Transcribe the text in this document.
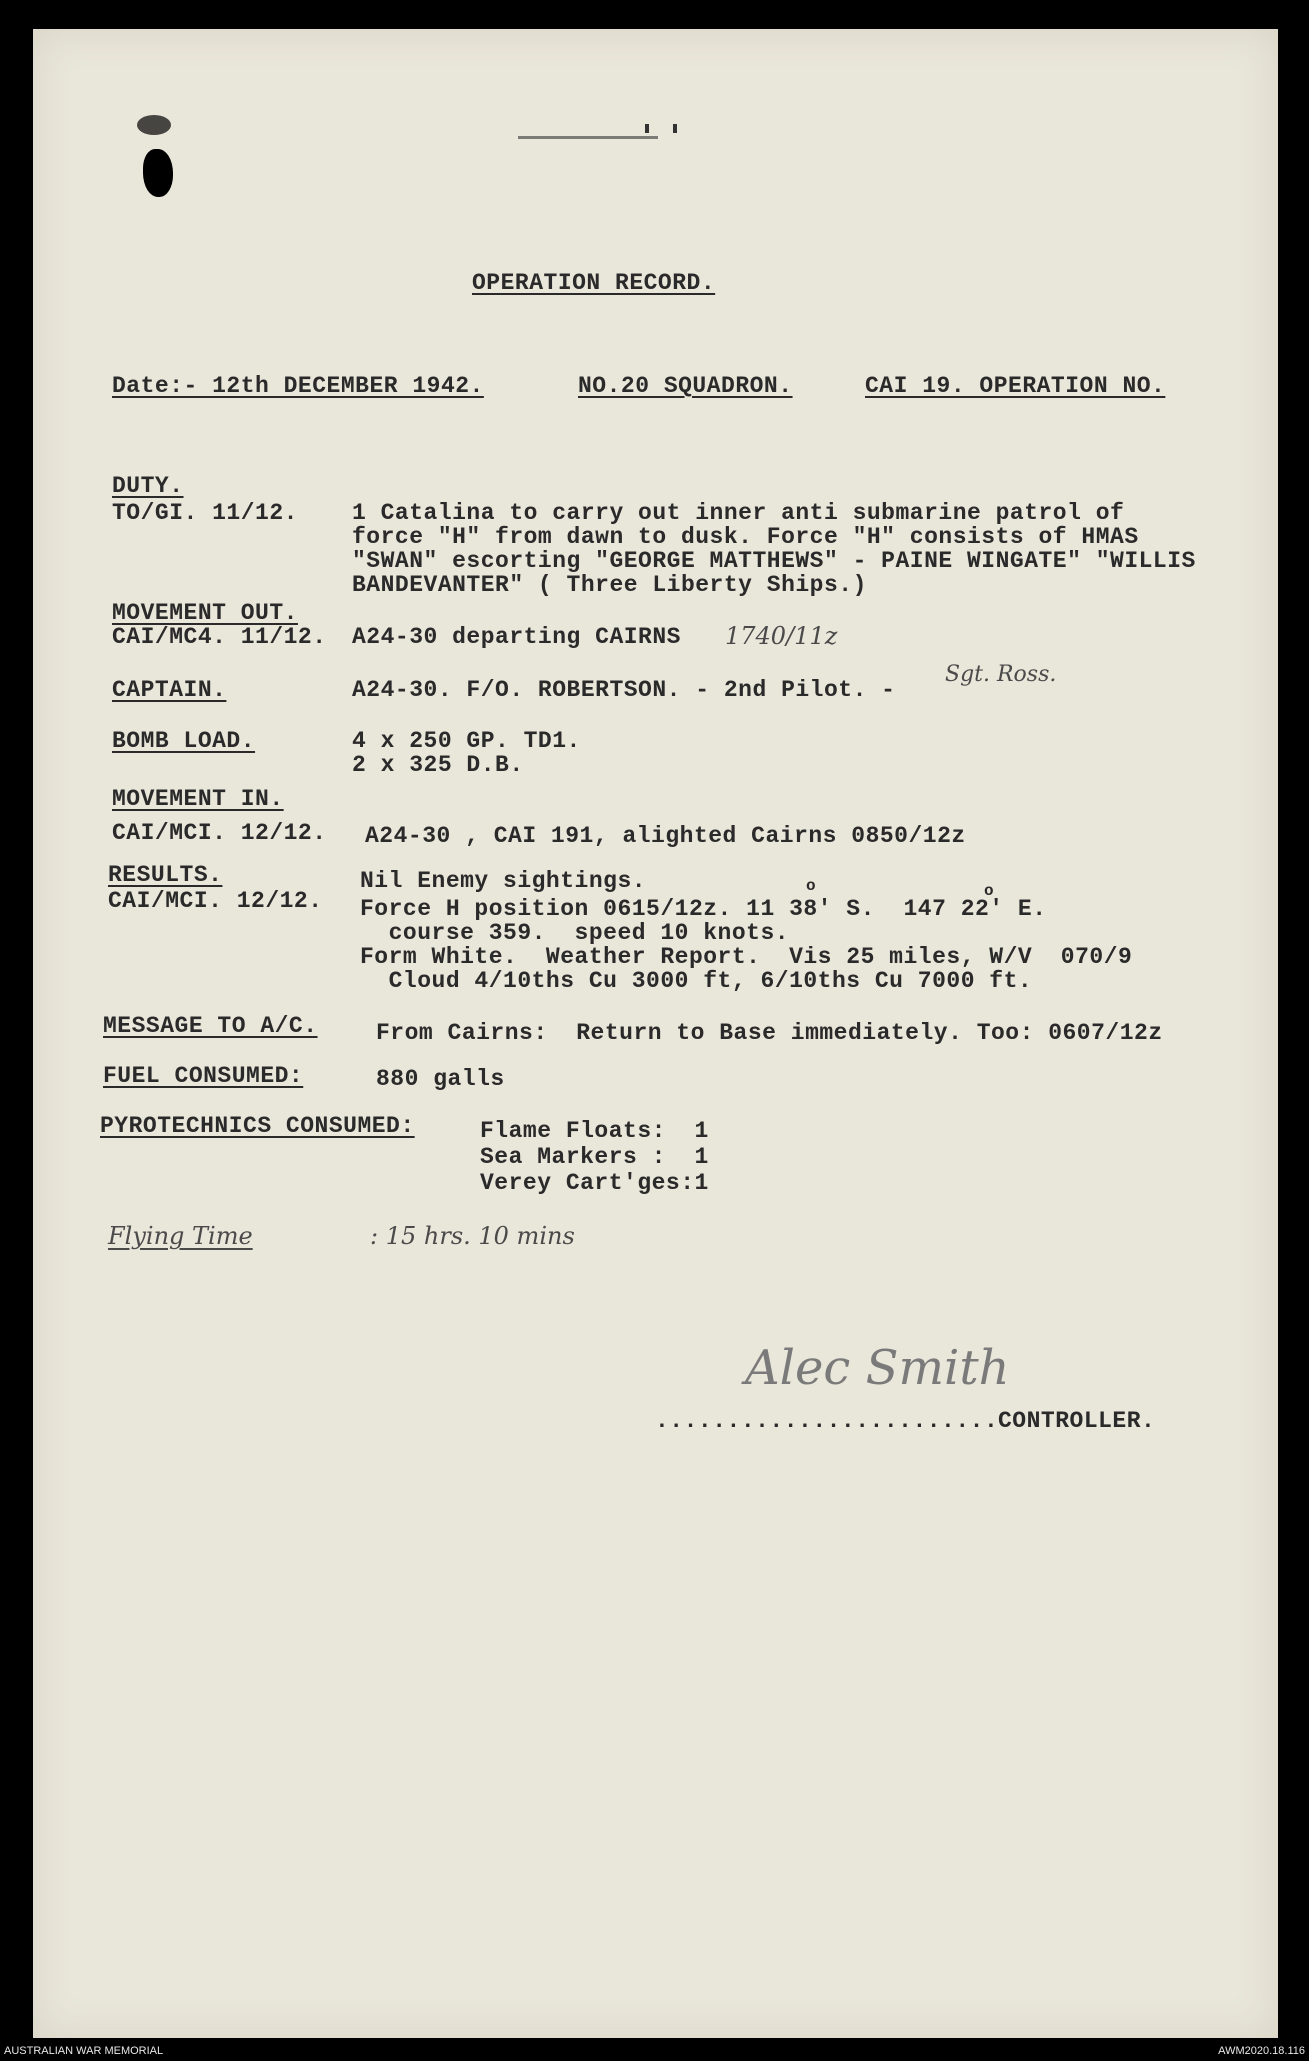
OPERATION RECORD.
Date:- 12th DECEMBER 1942.	NO.20 SQUADRON.	CAI 19. OPERATION NO.
DUTY.
TO/GI. 11/12. 1 Catalina to carry out inner anti submarine patrol of
force "H" from dawn to dusk. Force "H" consists of HMAS
"SWAN" escorting "GEORGE MATTHEWS" - PAINE WINGATE" "WILLIS
BANDEVANTER" ( Three Liberty Ships.)
MOVEMENT OUT.
CAI/MC4. 11/12. A24-30 departing CAIRNS 1740/11z
CAPTAIN.	A24-30. F/O. ROBERTSON. - 2nd Pilot. -
Sgt. Ross.
BOMB LOAD.	4 x 250 GP. TD1.
2 x 325 D.B.
MOVEMENT IN.
CAI/MCI. 12/12. A24-30 , CAI 191, alighted Cairns 0850/12z
RESULTS.
CAI/MCI. 12/12.
Nil Enemy sightings.	o	o
Force H position 0615/12z. 11 38' S.  147 22' E.
course 359.  speed 10 knots.
Form White.  Weather Report.  Vis 25 miles, W/V  070/9
Cloud 4/10ths Cu 3000 ft, 6/10ths Cu 7000 ft.
MESSAGE TO A/C.	From Cairns:  Return to Base immediately. Too: 0607/12z
FUEL CONSUMED:	880 galls
PYROTECHNICS CONSUMED:	Flame Floats:  1
Sea Markers :  1
Verey Cart'ges:1
Flying Time	: 15 hrs. 10 mins
Alec Smith
........................ CONTROLLER.
AUSTRALIAN WAR MEMORIAL	AWM2020.18.116
